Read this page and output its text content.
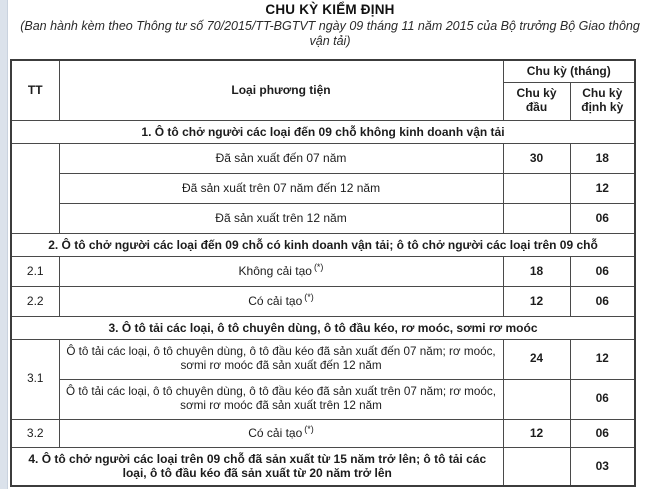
CHU KỲ KIỂM ĐỊNH
(Ban hành kèm theo Thông tư số 70/2015/TT-BGTVT ngày 09 tháng 11 năm 2015 của Bộ trưởng Bộ Giao thông vận tải)
TT	Loại phương tiện	Chu kỳ (tháng)	
		Chu kỳ đầu	Chu kỳ định kỳ
1. Ô tô chở người các loại đến 09 chỗ không kinh doanh vận tải			
	Đã sản xuất đến 07 năm	30	18
	Đã sản xuất trên 07 năm đến 12 năm		12
	Đã sản xuất trên 12 năm		06
2. Ô tô chở người các loại đến 09 chỗ có kinh doanh vận tải; ô tô chở người các loại trên 09 chỗ			
2.1	Không cải tạo (*)	18	06
2.2	Có cải tạo (*)	12	06
3. Ô tô tải các loại, ô tô chuyên dùng, ô tô đầu kéo, rơ moóc, sơmi rơ moóc			
3.1	Ô tô tải các loại, ô tô chuyên dùng, ô tô đầu kéo đã sản xuất đến 07 năm; rơ moóc, sơmi rơ moóc đã sản xuất đến 12 năm	24	12
	Ô tô tải các loại, ô tô chuyên dùng, ô tô đầu kéo đã sản xuất trên 07 năm; rơ moóc, sơmi rơ moóc đã sản xuất trên 12 năm		06
3.2	Có cải tạo (*)	12	06
4. Ô tô chở người các loại trên 09 chỗ đã sản xuất từ 15 năm trở lên; ô tô tải các loại, ô tô đầu kéo đã sản xuất từ 20 năm trở lên			03
